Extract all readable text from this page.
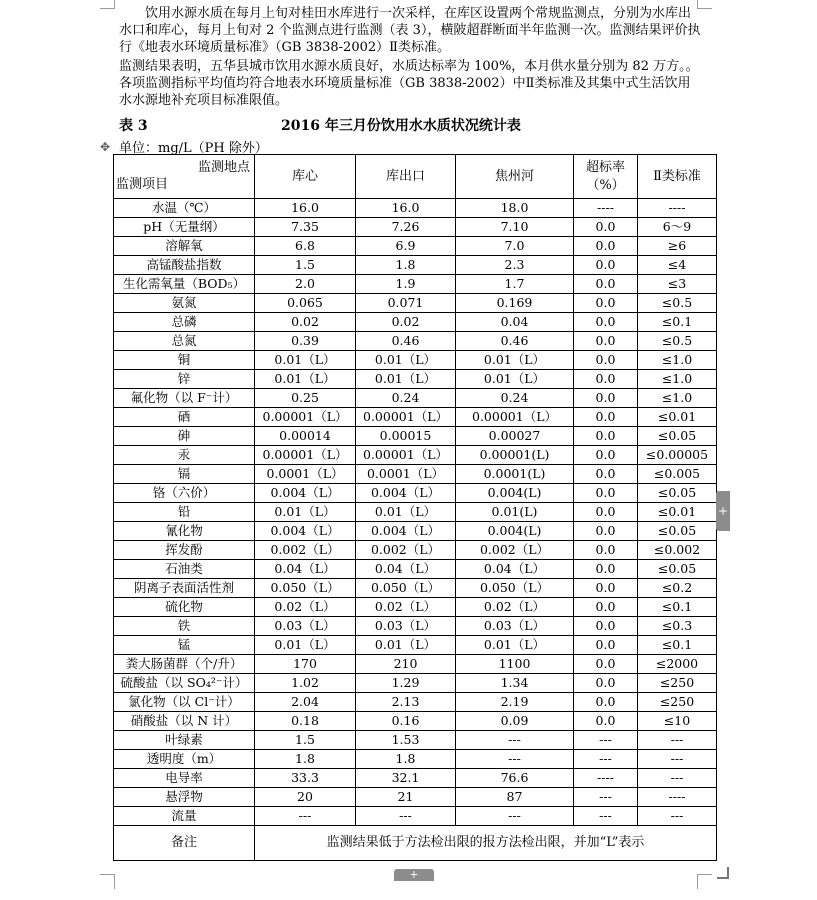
饮用水源水质在每月上旬对桂田水库进行一次采样，在库区设置两个常规监测点，分别为水库出水口和库心，每月上旬对 2 个监测点进行监测（表 3），横陂超群断面半年监测一次。监测结果评价执行《地表水环境质量标准》（GB 3838-2002）Ⅱ类标准。

监测结果表明，五华县城市饮用水源水质良好，水质达标率为 100%，本月供水量分别为 82 万方。。各项监测指标平均值均符合地表水环境质量标准（GB 3838-2002）中Ⅱ类标准及其集中式生活饮用水水源地补充项目标准限值。

表 3	2016 年三月份饮用水水质状况统计表
✥ 单位：mg/L（PH 除外）
监测地点
监测项目	库心	库出口	焦州河	超标率（%）	Ⅱ类标准
水温（℃）	16.0	16.0	18.0	----	----
pH（无量纲）	7.35	7.26	7.10	0.0	6～9
溶解氧	6.8	6.9	7.0	0.0	≥6
高锰酸盐指数	1.5	1.8	2.3	0.0	≤4
生化需氧量（BOD₅）	2.0	1.9	1.7	0.0	≤3
氨氮	0.065	0.071	0.169	0.0	≤0.5
总磷	0.02	0.02	0.04	0.0	≤0.1
总氮	0.39	0.46	0.46	0.0	≤0.5
铜	0.01（L）	0.01（L）	0.01（L）	0.0	≤1.0
锌	0.01（L）	0.01（L）	0.01（L）	0.0	≤1.0
氟化物（以 F⁻计）	0.25	0.24	0.24	0.0	≤1.0
硒	0.00001（L）	0.00001（L）	0.00001（L）	0.0	≤0.01
砷	0.00014	0.00015	0.00027	0.0	≤0.05
汞	0.00001（L）	0.00001（L）	0.00001(L)	0.0	≤0.00005
镉	0.0001（L）	0.0001（L）	0.0001(L)	0.0	≤0.005
铬（六价）	0.004（L）	0.004（L）	0.004(L)	0.0	≤0.05
铅	0.01（L）	0.01（L）	0.01(L)	0.0	≤0.01
氰化物	0.004（L）	0.004（L）	0.004(L)	0.0	≤0.05
挥发酚	0.002（L）	0.002（L）	0.002（L）	0.0	≤0.002
石油类	0.04（L）	0.04（L）	0.04（L）	0.0	≤0.05
阴离子表面活性剂	0.050（L）	0.050（L）	0.050（L）	0.0	≤0.2
硫化物	0.02（L）	0.02（L）	0.02（L）	0.0	≤0.1
铁	0.03（L）	0.03（L）	0.03（L）	0.0	≤0.3
锰	0.01（L）	0.01（L）	0.01（L）	0.0	≤0.1
粪大肠菌群（个/升）	170	210	1100	0.0	≤2000
硫酸盐（以 SO₄²⁻计）	1.02	1.29	1.34	0.0	≤250
氯化物（以 Cl⁻计）	2.04	2.13	2.19	0.0	≤250
硝酸盐（以 N 计）	0.18	0.16	0.09	0.0	≤10
叶绿素	1.5	1.53	---	---	---
透明度（m）	1.8	1.8	---	---	---
电导率	33.3	32.1	76.6	----	---
悬浮物	20	21	87	---	----
流量	---	---	---	---	---
备注	监测结果低于方法检出限的报方法检出限，并加“L”表示				
+
+
